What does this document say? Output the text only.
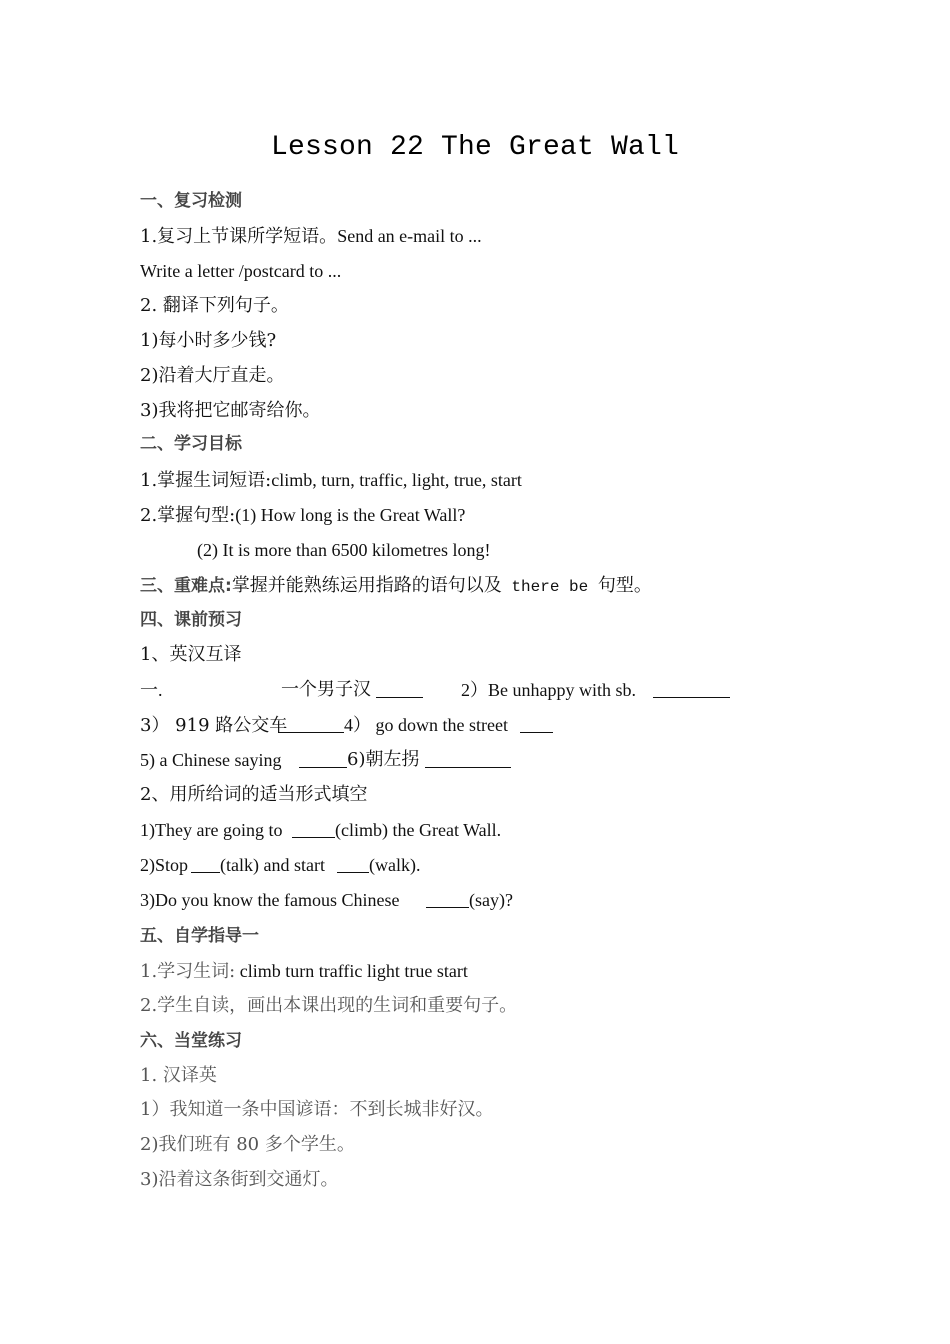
Lesson 22 The Great Wall
一、复习检测
1.复习上节课所学短语。Send an e-mail to ...
Write a letter /postcard to ...
2. 翻译下列句子。
1)每小时多少钱?
2)沿着大厅直走。
3)我将把它邮寄给你。
二、学习目标
1.掌握生词短语:climb, turn, traffic, light, true, start
2.掌握句型:(1) How long is the Great Wall?
(2) It is more than 6500 kilometres long!
三、重难点:掌握并能熟练运用指路的语句以及 there be 句型。
四、课前预习
1、英汉互译
一.	一个男子汉	2）Be unhappy with sb.
3） 919 路公交车	4） go down the street
5) a Chinese saying	6)朝左拐
2、用所给词的适当形式填空
1)They are going to	(climb) the Great Wall.
2)Stop (talk) and start (walk).
3)Do you know the famous Chinese	(say)?
五、自学指导一
1.学习生词: climb turn traffic light true start
2.学生自读，画出本课出现的生词和重要句子。
六、当堂练习
1. 汉译英
1）我知道一条中国谚语：不到长城非好汉。
2)我们班有 80 多个学生。
3)沿着这条街到交通灯。
